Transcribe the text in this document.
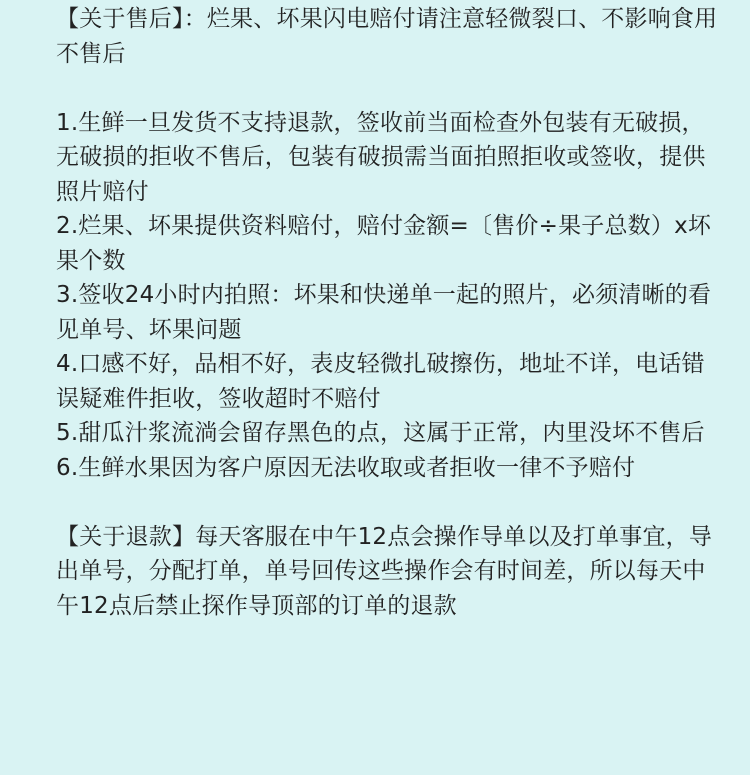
【关于售后】：烂果、坏果闪电赔付请注意轻微裂口、不影响食用不售后

1.生鲜一旦发货不支持退款，签收前当面检查外包装有无破损，无破损的拒收不售后，包装有破损需当面拍照拒收或签收，提供照片赔付

2.烂果、坏果提供资料赔付，赔付金额=〔售价÷果子总数）x坏果个数

3.签收24小时内拍照：坏果和快递单一起的照片，必须清晰的看见单号、坏果问题

4.口感不好，品相不好，表皮轻微扎破擦伤，地址不详，电话错误疑难件拒收，签收超时不赔付

5.甜瓜汁浆流淌会留存黑色的点，这属于正常，内里没坏不售后

6.生鲜水果因为客户原因无法收取或者拒收一律不予赔付

【关于退款】每天客服在中午12点会操作导单以及打单事宜，导出单号，分配打单，单号回传这些操作会有时间差，所以每天中午12点后禁止探作导顶部的订单的退款
